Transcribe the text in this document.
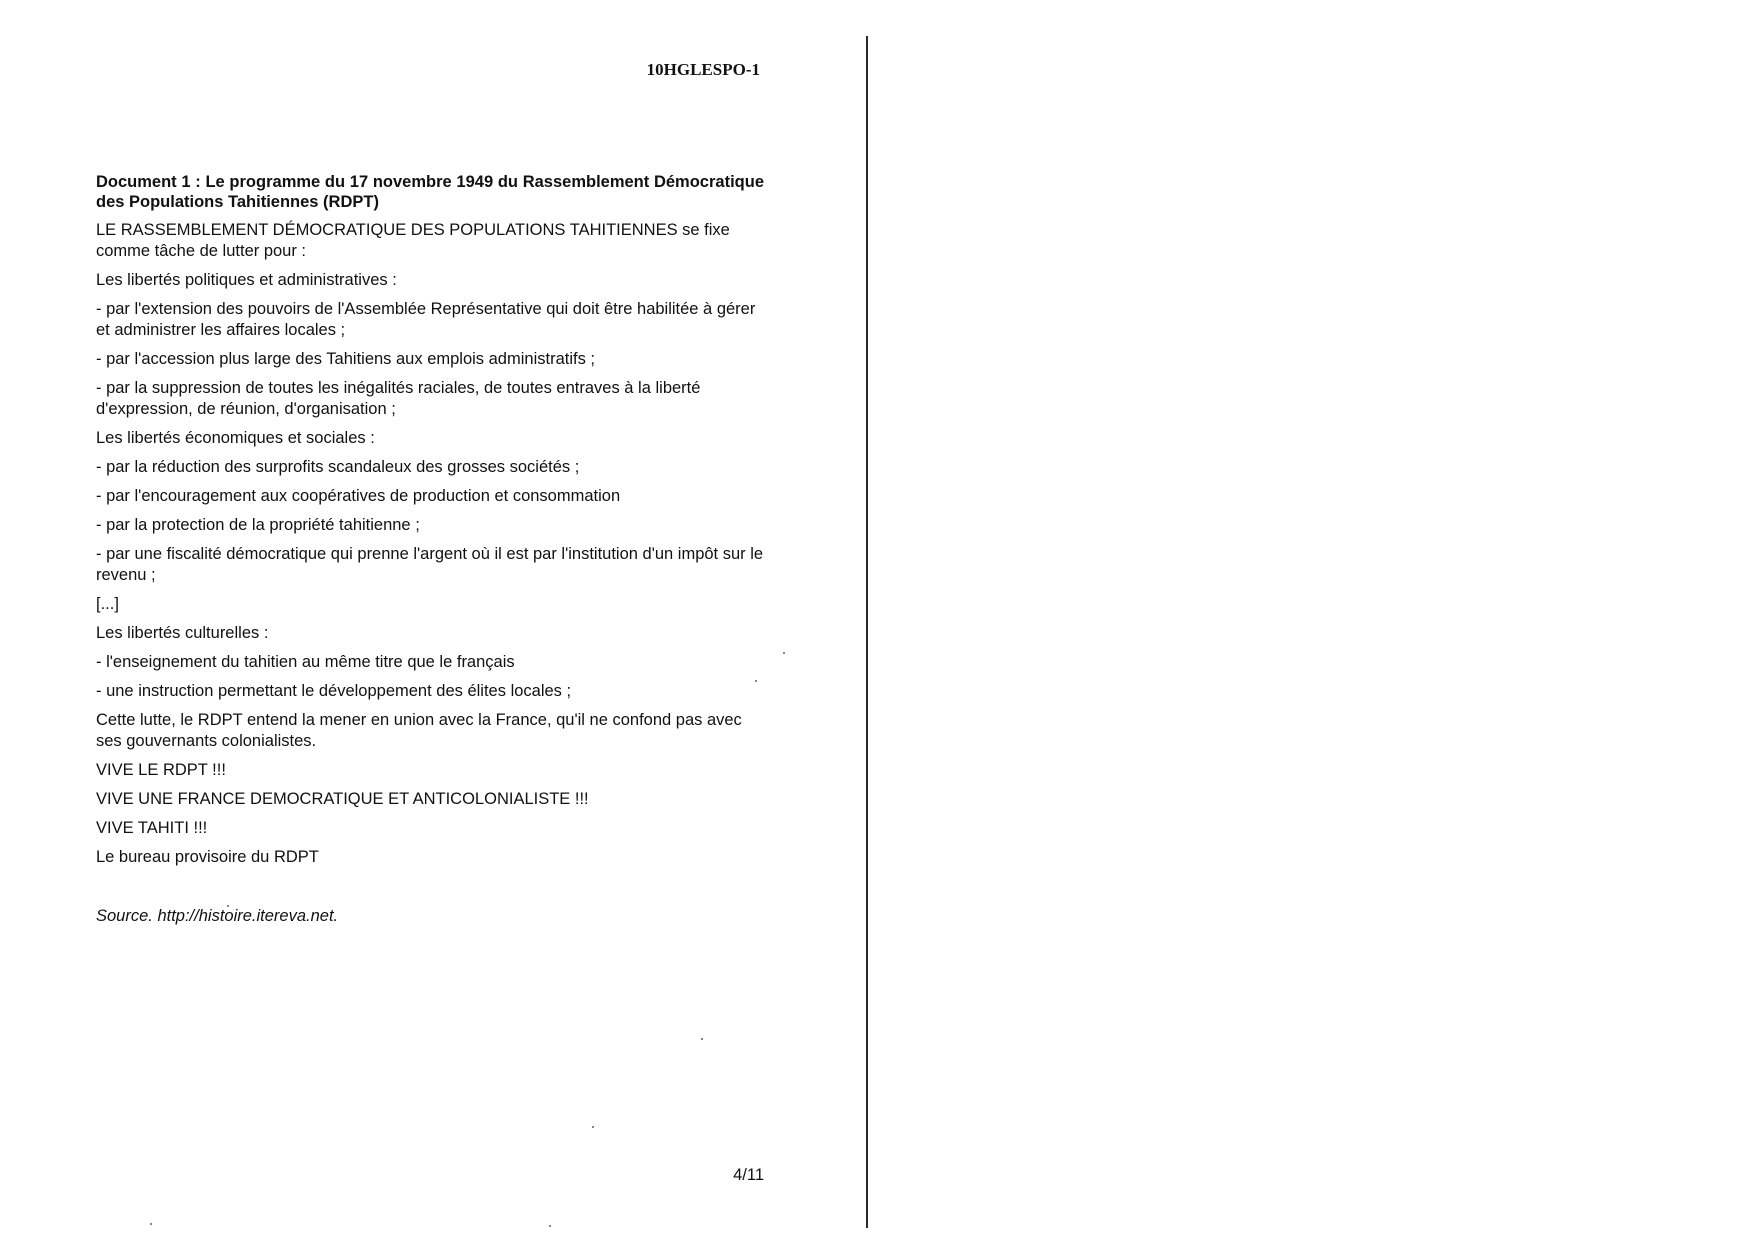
10HGLESPO-1

Document 1 : Le programme du 17 novembre 1949 du Rassemblement Démocratique des Populations Tahitiennes (RDPT)

LE RASSEMBLEMENT DÉMOCRATIQUE DES POPULATIONS TAHITIENNES se fixe comme tâche de lutter pour :

Les libertés politiques et administratives :

- par l'extension des pouvoirs de l'Assemblée Représentative qui doit être habilitée à gérer et administrer les affaires locales ;

- par l'accession plus large des Tahitiens aux emplois administratifs ;

- par la suppression de toutes les inégalités raciales, de toutes entraves à la liberté d'expression, de réunion, d'organisation ;

Les libertés économiques et sociales :

- par la réduction des surprofits scandaleux des grosses sociétés ;

- par l'encouragement aux coopératives de production et consommation

- par la protection de la propriété tahitienne ;

- par une fiscalité démocratique qui prenne l'argent où il est par l'institution d'un impôt sur le revenu ;

[...]

Les libertés culturelles :

- l'enseignement du tahitien au même titre que le français

- une instruction permettant le développement des élites locales ;

Cette lutte, le RDPT entend la mener en union avec la France, qu'il ne confond pas avec ses gouvernants colonialistes.

VIVE LE RDPT !!!

VIVE UNE FRANCE DEMOCRATIQUE ET ANTICOLONIALISTE !!!

VIVE TAHITI !!!

Le bureau provisoire du RDPT

Source. http://histoire.itereva.net.

4/11
